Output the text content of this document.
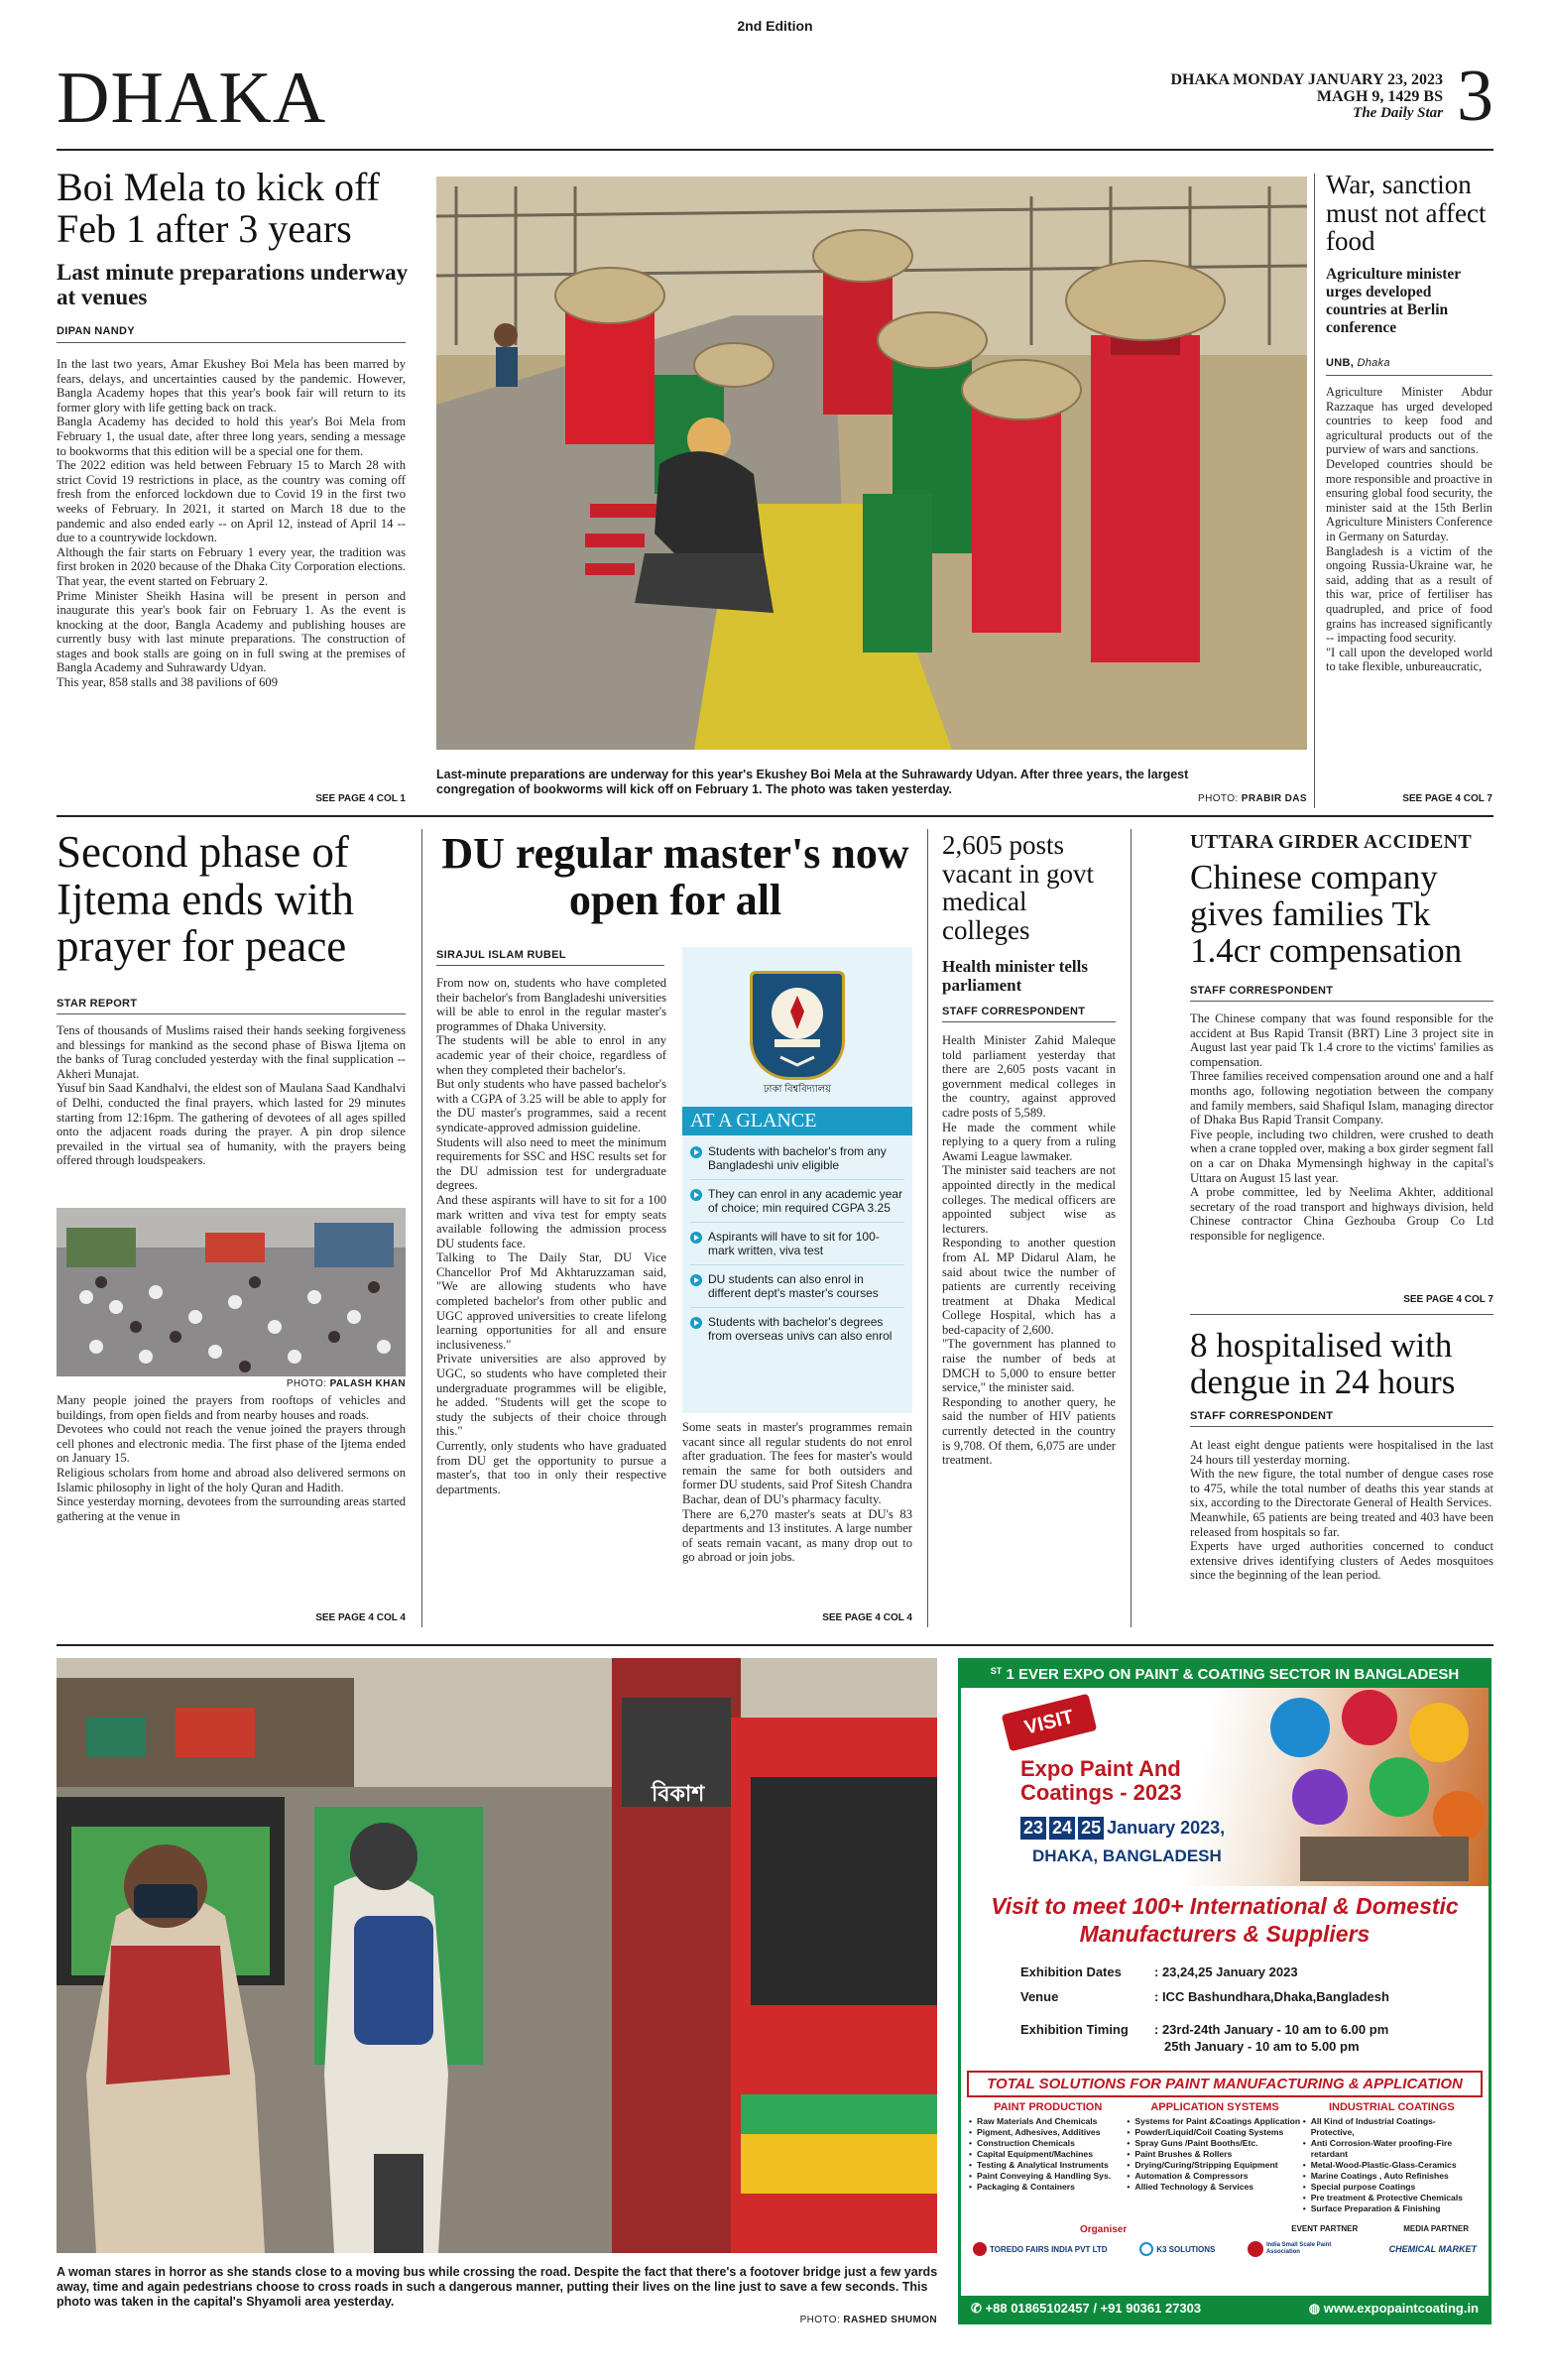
2nd Edition
DHAKA	DHAKA MONDAY JANUARY 23, 2023
MAGH 9, 1429 BS
The Daily Star 3
Boi Mela to kick off Feb 1 after 3 years
Last minute preparations underway at venues
DIPAN NANDY
In the last two years, Amar Ekushey Boi Mela has been marred by fears, delays, and uncertainties caused by the pandemic. However, Bangla Academy hopes that this year's book fair will return to its former glory with life getting back on track.
Bangla Academy has decided to hold this year's Boi Mela from February 1, the usual date, after three long years, sending a message to bookworms that this edition will be a special one for them.
The 2022 edition was held between February 15 to March 28 with strict Covid 19 restrictions in place, as the country was coming off fresh from the enforced lockdown due to Covid 19 in the first two weeks of February. In 2021, it started on March 18 due to the pandemic and also ended early -- on April 12, instead of April 14 -- due to a countrywide lockdown.
Although the fair starts on February 1 every year, the tradition was first broken in 2020 because of the Dhaka City Corporation elections. That year, the event started on February 2.
Prime Minister Sheikh Hasina will be present in person and inaugurate this year's book fair on February 1. As the event is knocking at the door, Bangla Academy and publishing houses are currently busy with last minute preparations. The construction of stages and book stalls are going on in full swing at the premises of Bangla Academy and Suhrawardy Udyan.
This year, 858 stalls and 38 pavilions of 609
SEE PAGE 4 COL 1
Last-minute preparations are underway for this year's Ekushey Boi Mela at the Suhrawardy Udyan. After three years, the largest congregation of bookworms will kick off on February 1. The photo was taken yesterday.
PHOTO: PRABIR DAS
War, sanction must not affect food
Agriculture minister urges developed countries at Berlin conference
UNB, Dhaka
Agriculture Minister Abdur Razzaque has urged developed countries to keep food and agricultural products out of the purview of wars and sanctions.
Developed countries should be more responsible and proactive in ensuring global food security, the minister said at the 15th Berlin Agriculture Ministers Conference in Germany on Saturday.
Bangladesh is a victim of the ongoing Russia-Ukraine war, he said, adding that as a result of this war, price of fertiliser has quadrupled, and price of food grains has increased significantly -- impacting food security.
"I call upon the developed world to take flexible, unbureaucratic,
SEE PAGE 4 COL 7
Second phase of Ijtema ends with prayer for peace
STAR REPORT
Tens of thousands of Muslims raised their hands seeking forgiveness and blessings for mankind as the second phase of Biswa Ijtema on the banks of Turag concluded yesterday with the final supplication -- Akheri Munajat.
Yusuf bin Saad Kandhalvi, the eldest son of Maulana Saad Kandhalvi of Delhi, conducted the final prayers, which lasted for 29 minutes starting from 12:16pm. The gathering of devotees of all ages spilled onto the adjacent roads during the prayer. A pin drop silence prevailed in the virtual sea of humanity, with the prayers being offered through loudspeakers.
PHOTO: PALASH KHAN
Many people joined the prayers from rooftops of vehicles and buildings, from open fields and from nearby houses and roads.
Devotees who could not reach the venue joined the prayers through cell phones and electronic media. The first phase of the Ijtema ended on January 15.
Religious scholars from home and abroad also delivered sermons on Islamic philosophy in light of the holy Quran and Hadith.
Since yesterday morning, devotees from the surrounding areas started gathering at the venue in
SEE PAGE 4 COL 4
DU regular master's now open for all
SIRAJUL ISLAM RUBEL
From now on, students who have completed their bachelor's from Bangladeshi universities will be able to enrol in the regular master's programmes of Dhaka University.
The students will be able to enrol in any academic year of their choice, regardless of when they completed their bachelor's.
But only students who have passed bachelor's with a CGPA of 3.25 will be able to apply for the DU master's programmes, said a recent syndicate-approved admission guideline.
Students will also need to meet the minimum requirements for SSC and HSC results set for the DU admission test for undergraduate degrees.
And these aspirants will have to sit for a 100 mark written and viva test for empty seats available following the admission process DU students face.
Talking to The Daily Star, DU Vice Chancellor Prof Md Akhtaruzzaman said, "We are allowing students who have completed bachelor's from other public and UGC approved universities to create lifelong learning opportunities for all and ensure inclusiveness."
Private universities are also approved by UGC, so students who have completed their undergraduate programmes will be eligible, he added. "Students will get the scope to study the subjects of their choice through this."
Currently, only students who have graduated from DU get the opportunity to pursue a master's, that too in only their respective departments.
ঢাকা বিশ্ববিদ্যালয়
AT A GLANCE
Students with bachelor's from any Bangladeshi univ eligible
They can enrol in any academic year of choice; min required CGPA 3.25
Aspirants will have to sit for 100-mark written, viva test
DU students can also enrol in different dept's master's courses
Students with bachelor's degrees from overseas univs can also enrol
Some seats in master's programmes remain vacant since all regular students do not enrol after graduation. The fees for master's would remain the same for both outsiders and former DU students, said Prof Sitesh Chandra Bachar, dean of DU's pharmacy faculty.
There are 6,270 master's seats at DU's 83 departments and 13 institutes. A large number of seats remain vacant, as many drop out to go abroad or join jobs.
SEE PAGE 4 COL 4
2,605 posts vacant in govt medical colleges
Health minister tells parliament
STAFF CORRESPONDENT
Health Minister Zahid Maleque told parliament yesterday that there are 2,605 posts vacant in government medical colleges in the country, against approved cadre posts of 5,589.
He made the comment while replying to a query from a ruling Awami League lawmaker.
The minister said teachers are not appointed directly in the medical colleges. The medical officers are appointed subject wise as lecturers.
Responding to another question from AL MP Didarul Alam, he said about twice the number of patients are currently receiving treatment at Dhaka Medical College Hospital, which has a bed-capacity of 2,600.
"The government has planned to raise the number of beds at DMCH to 5,000 to ensure better service," the minister said.
Responding to another query, he said the number of HIV patients currently detected in the country is 9,708. Of them, 6,075 are under treatment.
UTTARA GIRDER ACCIDENT
Chinese company gives families Tk 1.4cr compensation
STAFF CORRESPONDENT
The Chinese company that was found responsible for the accident at Bus Rapid Transit (BRT) Line 3 project site in August last year paid Tk 1.4 crore to the victims' families as compensation.
Three families received compensation around one and a half months ago, following negotiation between the company and family members, said Shafiqul Islam, managing director of Dhaka Bus Rapid Transit Company.
Five people, including two children, were crushed to death when a crane toppled over, making a box girder segment fall on a car on Dhaka Mymensingh highway in the capital's Uttara on August 15 last year.
A probe committee, led by Neelima Akhter, additional secretary of the road transport and highways division, held Chinese contractor China Gezhouba Group Co Ltd responsible for negligence.
SEE PAGE 4 COL 7
8 hospitalised with dengue in 24 hours
STAFF CORRESPONDENT
At least eight dengue patients were hospitalised in the last 24 hours till yesterday morning.
With the new figure, the total number of dengue cases rose to 475, while the total number of deaths this year stands at six, according to the Directorate General of Health Services.
Meanwhile, 65 patients are being treated and 403 have been released from hospitals so far.
Experts have urged authorities concerned to conduct extensive drives identifying clusters of Aedes mosquitoes since the beginning of the lean period.
বিকাশ
A woman stares in horror as she stands close to a moving bus while crossing the road. Despite the fact that there's a footover bridge just a few yards away, time and again pedestrians choose to cross roads in such a dangerous manner, putting their lives on the line just to save a few seconds. This photo was taken in the capital's Shyamoli area yesterday.
PHOTO: RASHED SHUMON
$^{ST}$ 1 EVER EXPO ON PAINT & COATING SECTOR IN BANGLADESH
VISIT
Expo Paint And
Coatings - 2023
23 24 25 January 2023,
DHAKA, BANGLADESH
Visit to meet 100+ International & Domestic
Manufacturers & Suppliers
Exhibition Dates	: 23,24,25 January 2023
Venue	: ICC Bashundhara,Dhaka,Bangladesh
Exhibition Timing	: 23rd-24th January - 10 am to 6.00 pm
25th January - 10 am to 5.00 pm
TOTAL SOLUTIONS FOR PAINT MANUFACTURING & APPLICATION
PAINT PRODUCTION
• Raw Materials And Chemicals
• Pigment, Adhesives, Additives
• Construction Chemicals
• Capital Equipment/Machines
• Testing & Analytical Instruments
• Paint Conveying & Handling Sys.
• Packaging & Containers
APPLICATION SYSTEMS
• Systems for Paint &Coatings Application
• Powder/Liquid/Coil Coating Systems
• Spray Guns /Paint Booths/Etc.
• Paint Brushes & Rollers
• Drying/Curing/Stripping Equipment
• Automation & Compressors
• Allied Technology & Services
INDUSTRIAL COATINGS
• All Kind of Industrial Coatings- Protective,
• Anti Corrosion-Water proofing-Fire retardant
• Metal-Wood-Plastic-Glass-Ceramics
• Marine Coatings , Auto Refinishes
• Special purpose Coatings
• Pre treatment & Protective Chemicals
• Surface Preparation & Finishing
Organiser	EVENT PARTNER	MEDIA PARTNER
TOREDO FAIRS INDIA PVT LTD	K3 SOLUTIONS	India Small Scale Paint Association	CHEMICAL MARKET
✆ +88 01865102457 / +91 90361 27303	◍ www.expopaintcoating.in
